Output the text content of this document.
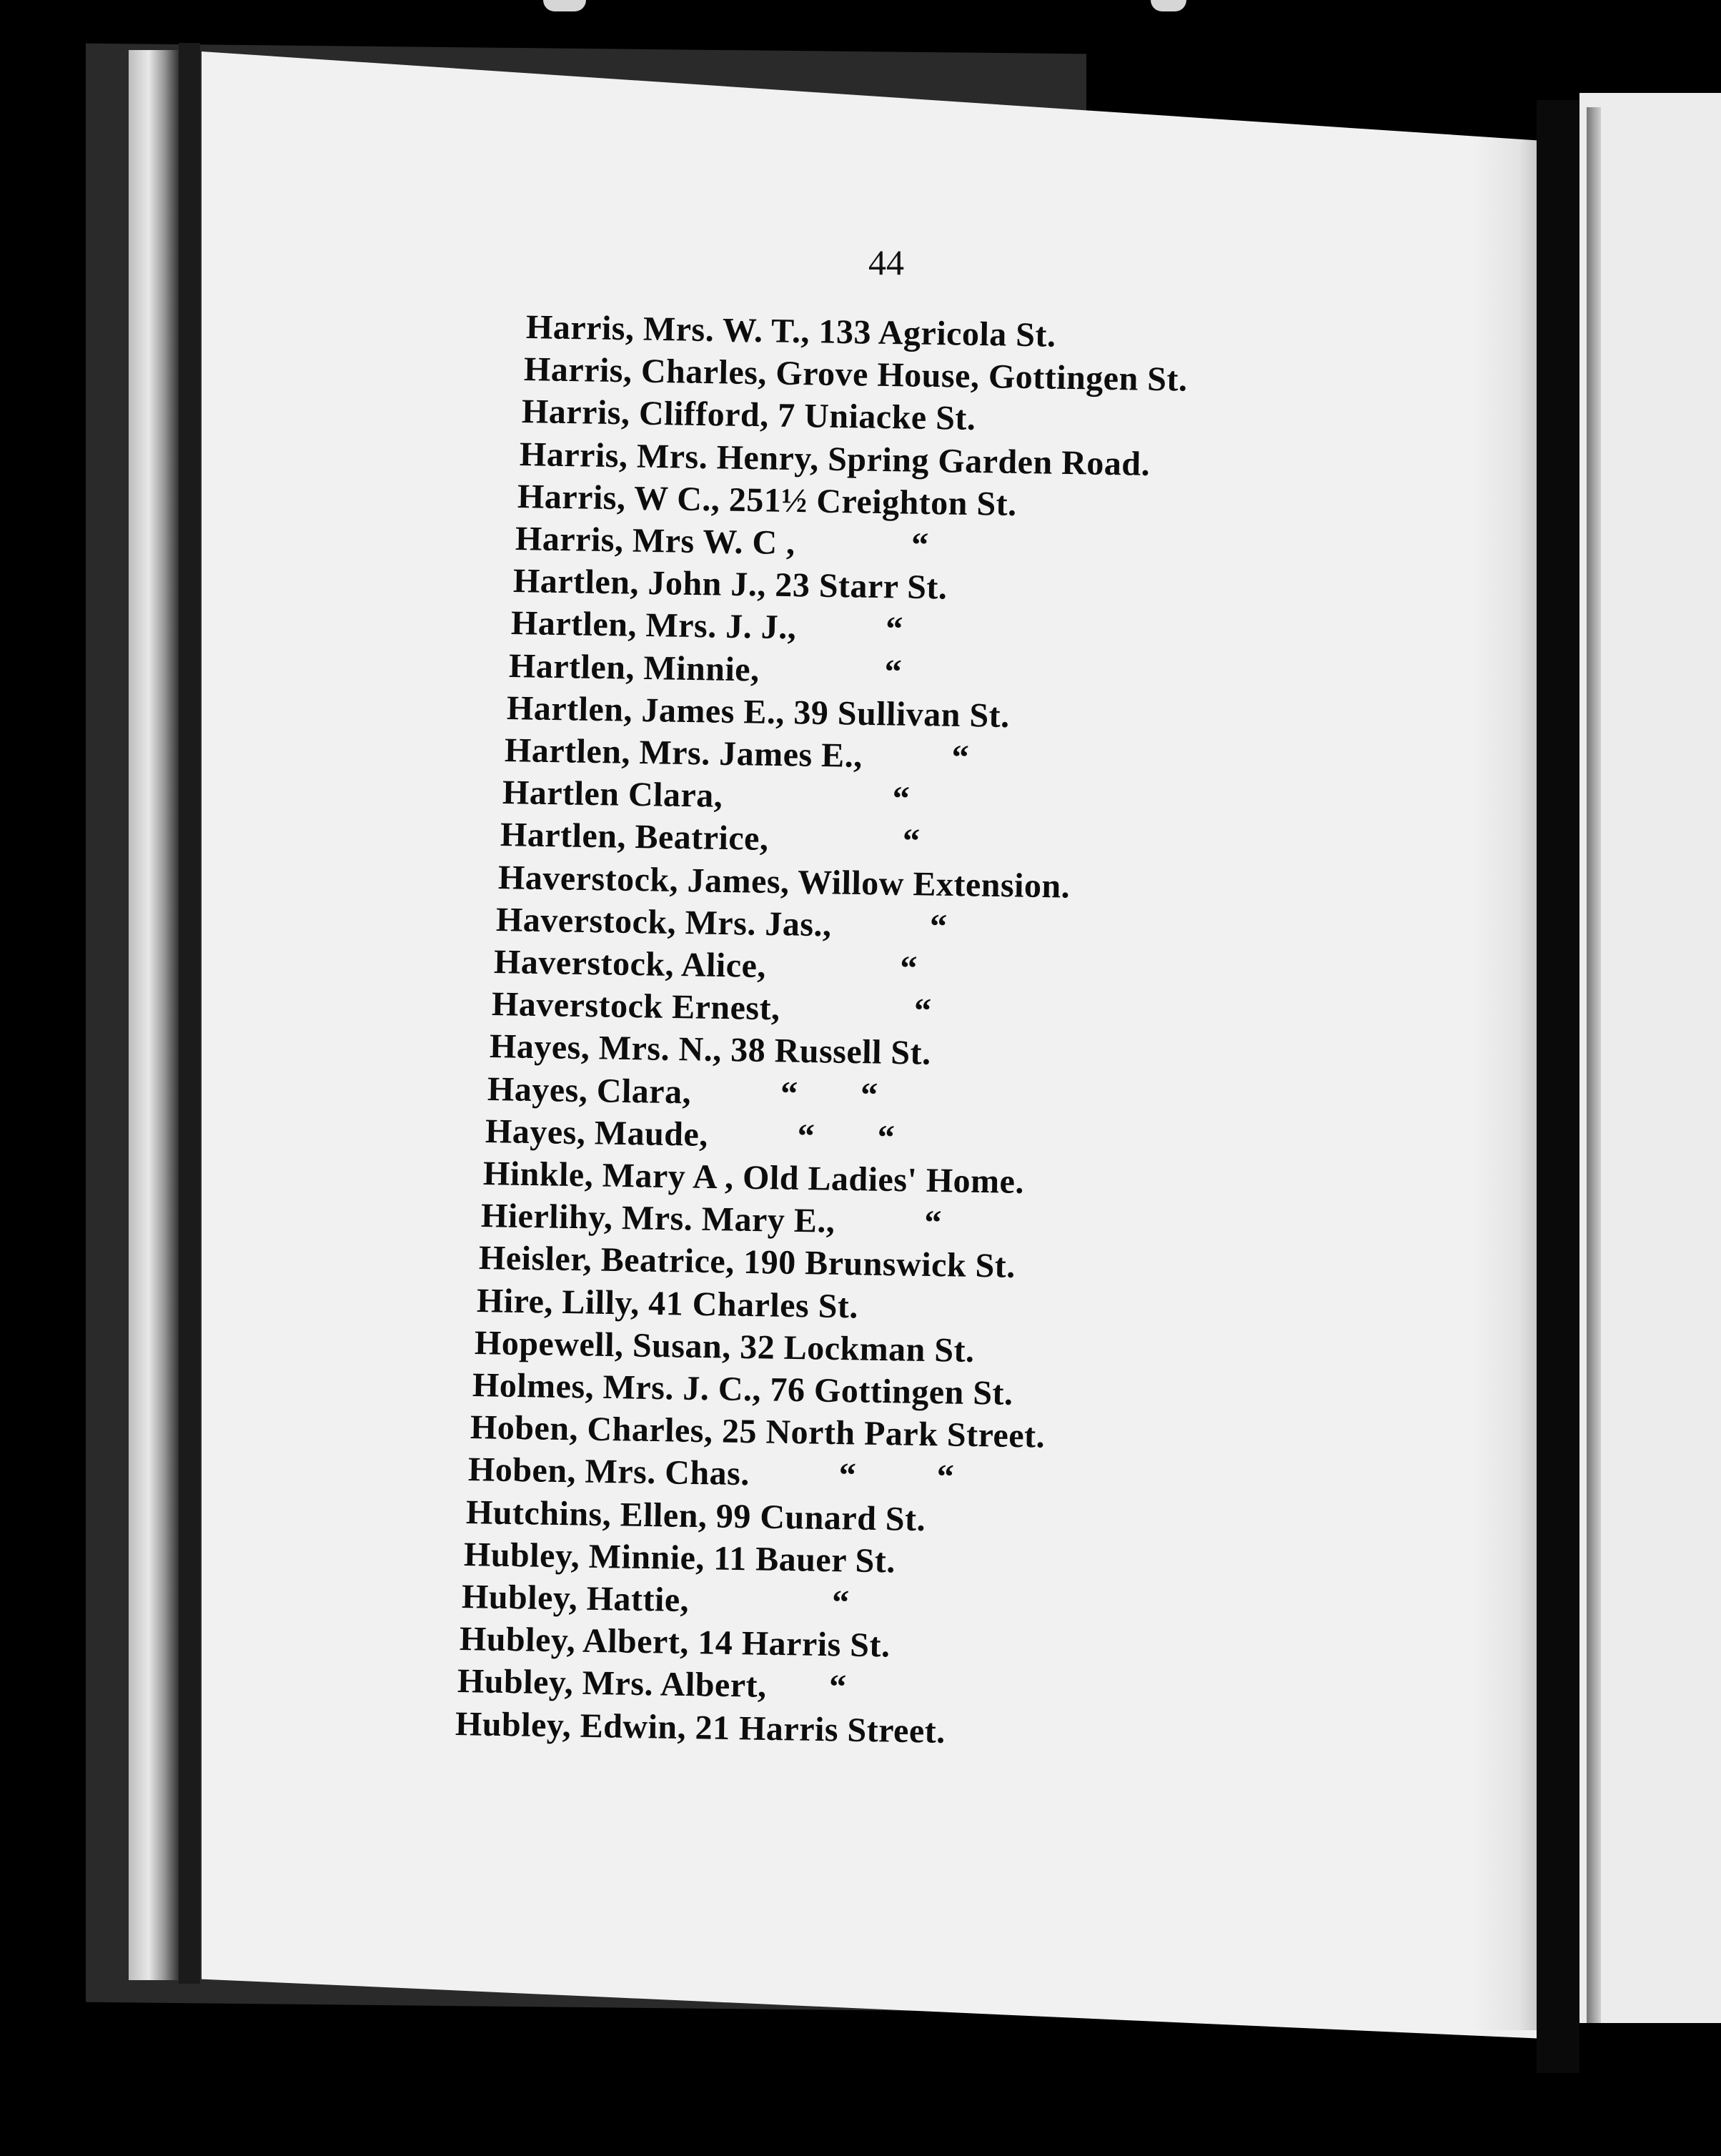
44
Harris, Mrs. W. T., 133 Agricola St.
Harris, Charles, Grove House, Gottingen St.
Harris, Clifford, 7 Uniacke St.
Harris, Mrs. Henry, Spring Garden Road.
Harris, W C., 251½ Creighton St.
Harris, Mrs W. C ,             “
Hartlen, John J., 23 Starr St.
Hartlen, Mrs. J. J.,          “
Hartlen, Minnie,              “
Hartlen, James E., 39 Sullivan St.
Hartlen, Mrs. James E.,          “
Hartlen Clara,                   “
Hartlen, Beatrice,               “
Haverstock, James, Willow Extension.
Haverstock, Mrs. Jas.,           “
Haverstock, Alice,               “
Haverstock Ernest,               “
Hayes, Mrs. N., 38 Russell St.
Hayes, Clara,          “       “
Hayes, Maude,          “       “
Hinkle, Mary A , Old Ladies' Home.
Hierlihy, Mrs. Mary E.,          “
Heisler, Beatrice, 190 Brunswick St.
Hire, Lilly, 41 Charles St.
Hopewell, Susan, 32 Lockman St.
Holmes, Mrs. J. C., 76 Gottingen St.
Hoben, Charles, 25 North Park Street.
Hoben, Mrs. Chas.          “         “
Hutchins, Ellen, 99 Cunard St.
Hubley, Minnie, 11 Bauer St.
Hubley, Hattie,                “
Hubley, Albert, 14 Harris St.
Hubley, Mrs. Albert,       “
Hubley, Edwin, 21 Harris Street.
